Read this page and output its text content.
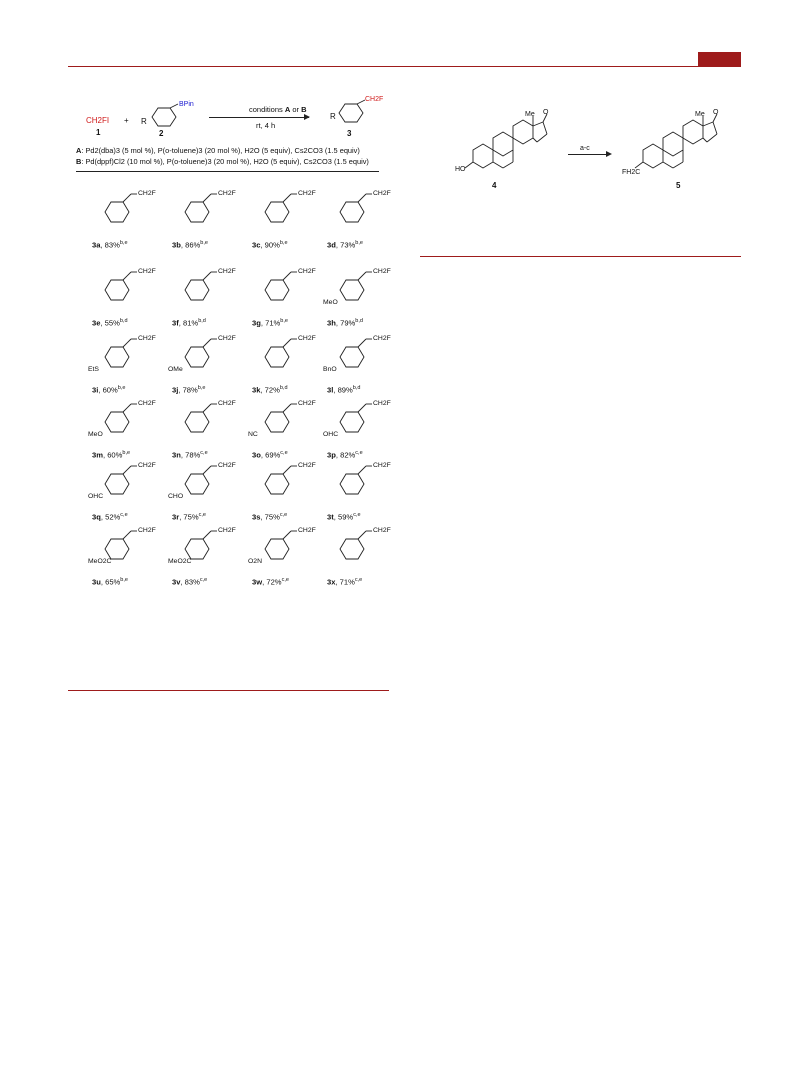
CH2FI
1
+ R
BPin
2
conditions A or B
rt, 4 h
R
CH2F
3
A: Pd2(dba)3 (5 mol %), P(o-toluene)3 (20 mol %), H2O (5 equiv), Cs2CO3 (1.5 equiv)
B: Pd(dppf)Cl2 (10 mol %), P(o-toluene)3 (20 mol %), H2O (5 equiv), Cs2CO3 (1.5 equiv)
CH2F
3a, 83%$^{b,e}$
CH2F
3b, 86%$^{b,e}$
CH2F
3c, 90%$^{b,e}$
CH2F
3d, 73%$^{b,e}$
CH2F
3e, 55%$^{b,d}$
CH2F
3f, 81%$^{b,d}$
CH2F
3g, 71%$^{b,e}$
CH2F
MeO
3h, 79%$^{b,d}$
CH2F
EtS
3i, 60%$^{b,e}$
CH2F
OMe
3j, 78%$^{b,e}$
CH2F
3k, 72%$^{b,d}$
CH2F
BnO
3l, 89%$^{b,d}$
CH2F
MeO
3m, 60%$^{b,e}$
CH2F
3n, 78%$^{c,e}$
CH2F
NC
3o, 69%$^{c,e}$
CH2F
OHC
3p, 82%$^{c,e}$
CH2F
OHC
3q, 52%$^{c,e}$
CH2F
CHO
3r, 75%$^{c,e}$
CH2F
3s, 75%$^{c,e}$
CH2F
3t, 59%$^{c,e}$
CH2F
MeO2C
3u, 65%$^{b,e}$
CH2F
MeO2C
3v, 83%$^{c,e}$
CH2F
O2N
3w, 72%$^{c,e}$
CH2F
3x, 71%$^{c,e}$
HO
Me O
4
a-c
FH2C
Me O
5
